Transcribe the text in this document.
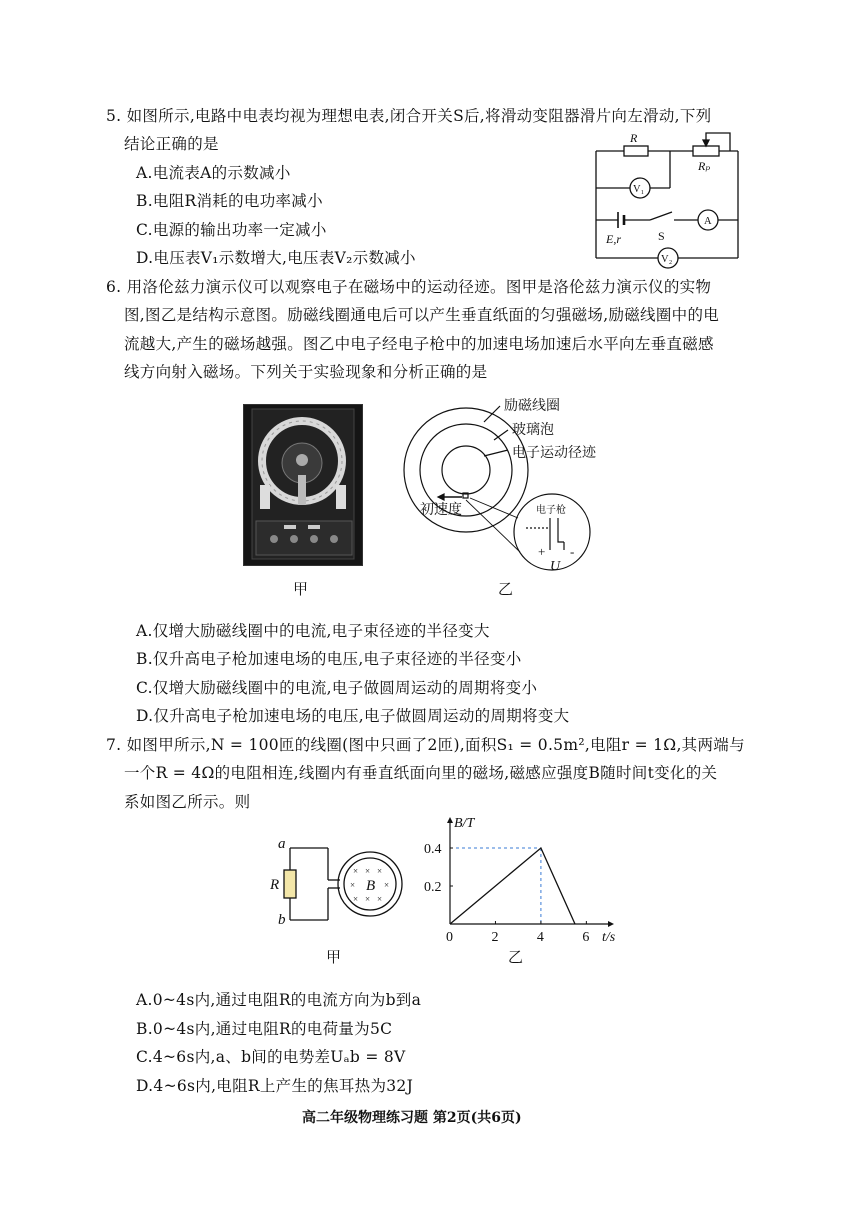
5. 如图所示,电路中电表均视为理想电表,闭合开关S后,将滑动变阻器滑片向左滑动,下列
结论正确的是
A.电流表A的示数减小
B.电阻R消耗的电功率减小
C.电源的输出功率一定减小
D.电压表V₁示数增大,电压表V₂示数减小
R
Rₚ
V₁
A
E,r	S
V₂
6. 用洛伦兹力演示仪可以观察电子在磁场中的运动径迹。图甲是洛伦兹力演示仪的实物
图,图乙是结构示意图。励磁线圈通电后可以产生垂直纸面的匀强磁场,励磁线圈中的电
流越大,产生的磁场越强。图乙中电子经电子枪中的加速电场加速后水平向左垂直磁感
线方向射入磁场。下列关于实验现象和分析正确的是
甲
励磁线圈
玻璃泡
电子运动径迹
初速度	电子枪
+ -
U
乙
A.仅增大励磁线圈中的电流,电子束径迹的半径变大
B.仅升高电子枪加速电场的电压,电子束径迹的半径变小
C.仅增大励磁线圈中的电流,电子做圆周运动的周期将变小
D.仅升高电子枪加速电场的电压,电子做圆周运动的周期将变大
7. 如图甲所示,N = 100匝的线圈(图中只画了2匝),面积S₁ = 0.5m²,电阻r = 1Ω,其两端与
一个R = 4Ω的电阻相连,线圈内有垂直纸面向里的磁场,磁感应强度B随时间t变化的关
系如图乙所示。则
× × ×
×	×
× × ×
a
b
R	B
甲
0	2	4	6
0.2
0.4
t/s
B/T
乙
A.0~4s内,通过电阻R的电流方向为b到a
B.0~4s内,通过电阻R的电荷量为5C
C.4~6s内,a、b间的电势差Uₐb = 8V
D.4~6s内,电阻R上产生的焦耳热为32J
高二年级物理练习题 第2页(共6页)
